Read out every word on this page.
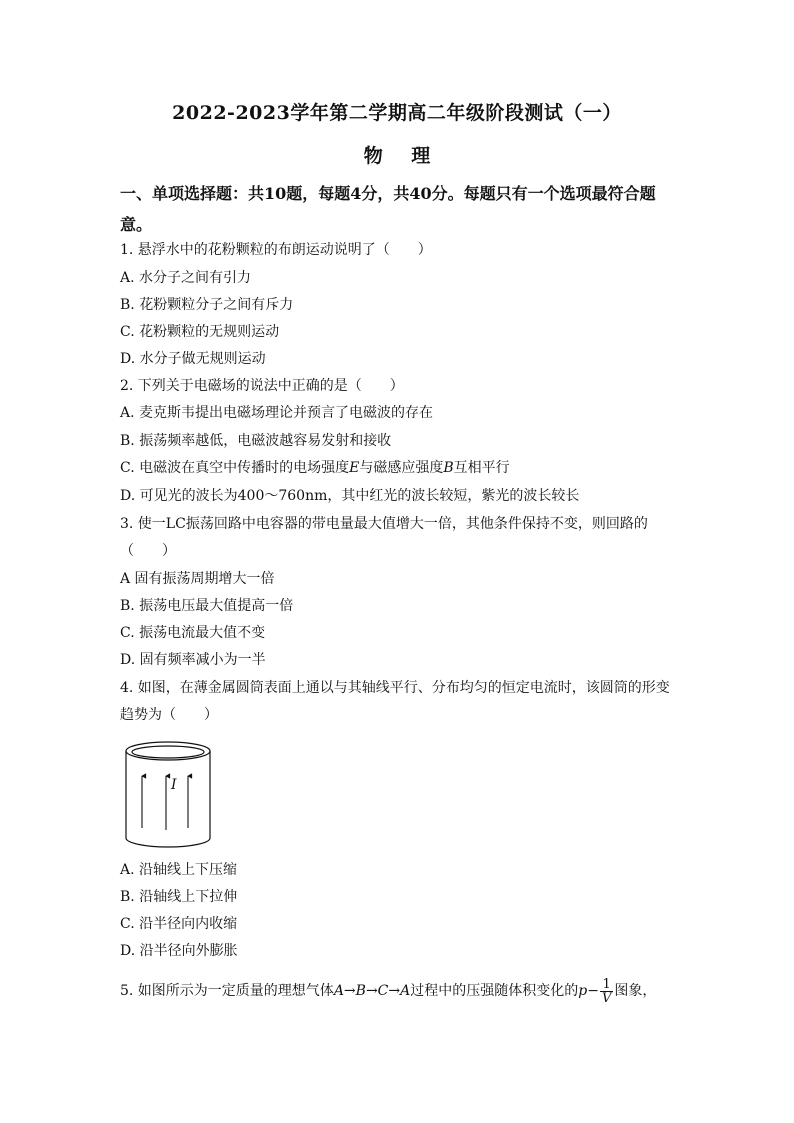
2022-2023学年第二学期高二年级阶段测试（一）
物 理
一、单项选择题：共10题，每题4分，共40分。每题只有一个选项最符合题意。
1. 悬浮水中的花粉颗粒的布朗运动说明了（　　）
A. 水分子之间有引力
B. 花粉颗粒分子之间有斥力
C. 花粉颗粒的无规则运动
D. 水分子做无规则运动
2. 下列关于电磁场的说法中正确的是（　　）
A. 麦克斯韦提出电磁场理论并预言了电磁波的存在
B. 振荡频率越低，电磁波越容易发射和接收
C. 电磁波在真空中传播时的电场强度E与磁感应强度B互相平行
D. 可见光的波长为400～760nm，其中红光的波长较短，紫光的波长较长
3. 使一LC振荡回路中电容器的带电量最大值增大一倍，其他条件保持不变，则回路的
（　　）
A 固有振荡周期增大一倍
B. 振荡电压最大值提高一倍
C. 振荡电流最大值不变
D. 固有频率减小为一半
4. 如图，在薄金属圆筒表面上通以与其轴线平行、分布均匀的恒定电流时，该圆筒的形变
趋势为（　　）
I
A. 沿轴线上下压缩
B. 沿轴线上下拉伸
C. 沿半径向内收缩
D. 沿半径向外膨胀
5. 如图所示为一定质量的理想气体A→B→C→A过程中的压强随体积变化的$p- \frac{1}{V}$ 图象，
